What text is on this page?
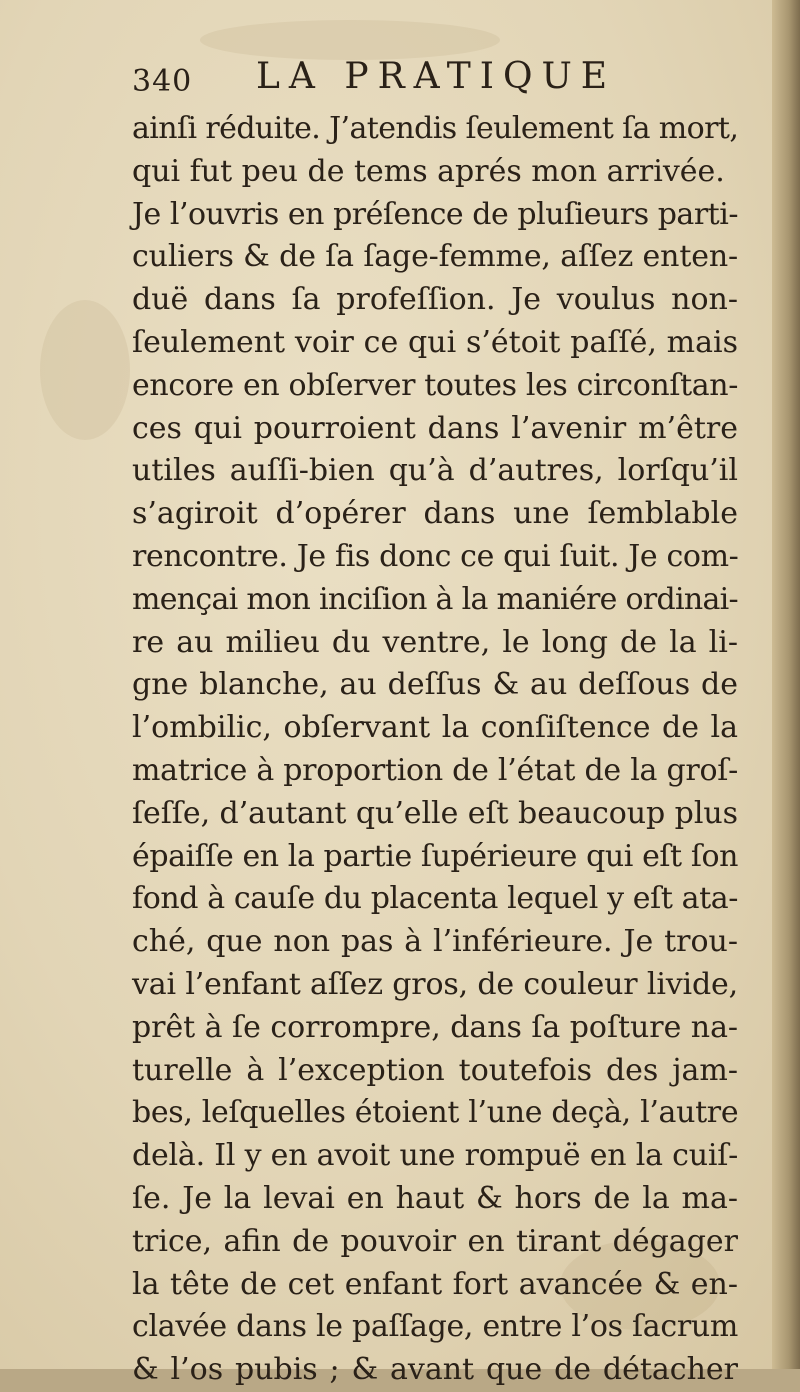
340 LA PRATIQUE
ainſi réduite. J’atendis ſeulement ſa mort,
qui fut peu de tems aprés mon arrivée.
Je l’ouvris en préſence de pluſieurs parti-
culiers & de ſa ſage-femme, aſſez enten-
duë dans ſa profeſſion. Je voulus non-
ſeulement voir ce qui s’étoit paſſé, mais
encore en obſerver toutes les circonſtan-
ces qui pourroient dans l’avenir m’être
utiles auſſi-bien qu’à d’autres, lorſqu’il
s’agiroit d’opérer dans une ſemblable
rencontre. Je fis donc ce qui ſuit. Je com-
mençai mon inciſion à la maniére ordinai-
re au milieu du ventre, le long de la li-
gne blanche, au deſſus & au deſſous de
l’ombilic, obſervant la conſiſtence de la
matrice à proportion de l’état de la groſ-
ſeſſe, d’autant qu’elle eſt beaucoup plus
épaiſſe en la partie ſupérieure qui eſt ſon
fond à cauſe du placenta lequel y eſt ata-
ché, que non pas à l’inférieure. Je trou-
vai l’enfant aſſez gros, de couleur livide,
prêt à ſe corrompre, dans ſa poſture na-
turelle à l’exception toutefois des jam-
bes, leſquelles étoient l’une deçà, l’autre
delà. Il y en avoit une rompuë en la cuiſ-
ſe. Je la levai en haut & hors de la ma-
trice, afin de pouvoir en tirant dégager
la tête de cet enfant fort avancée & en-
clavée dans le paſſage, entre l’os ſacrum
& l’os pubis ; & avant que de détacher
